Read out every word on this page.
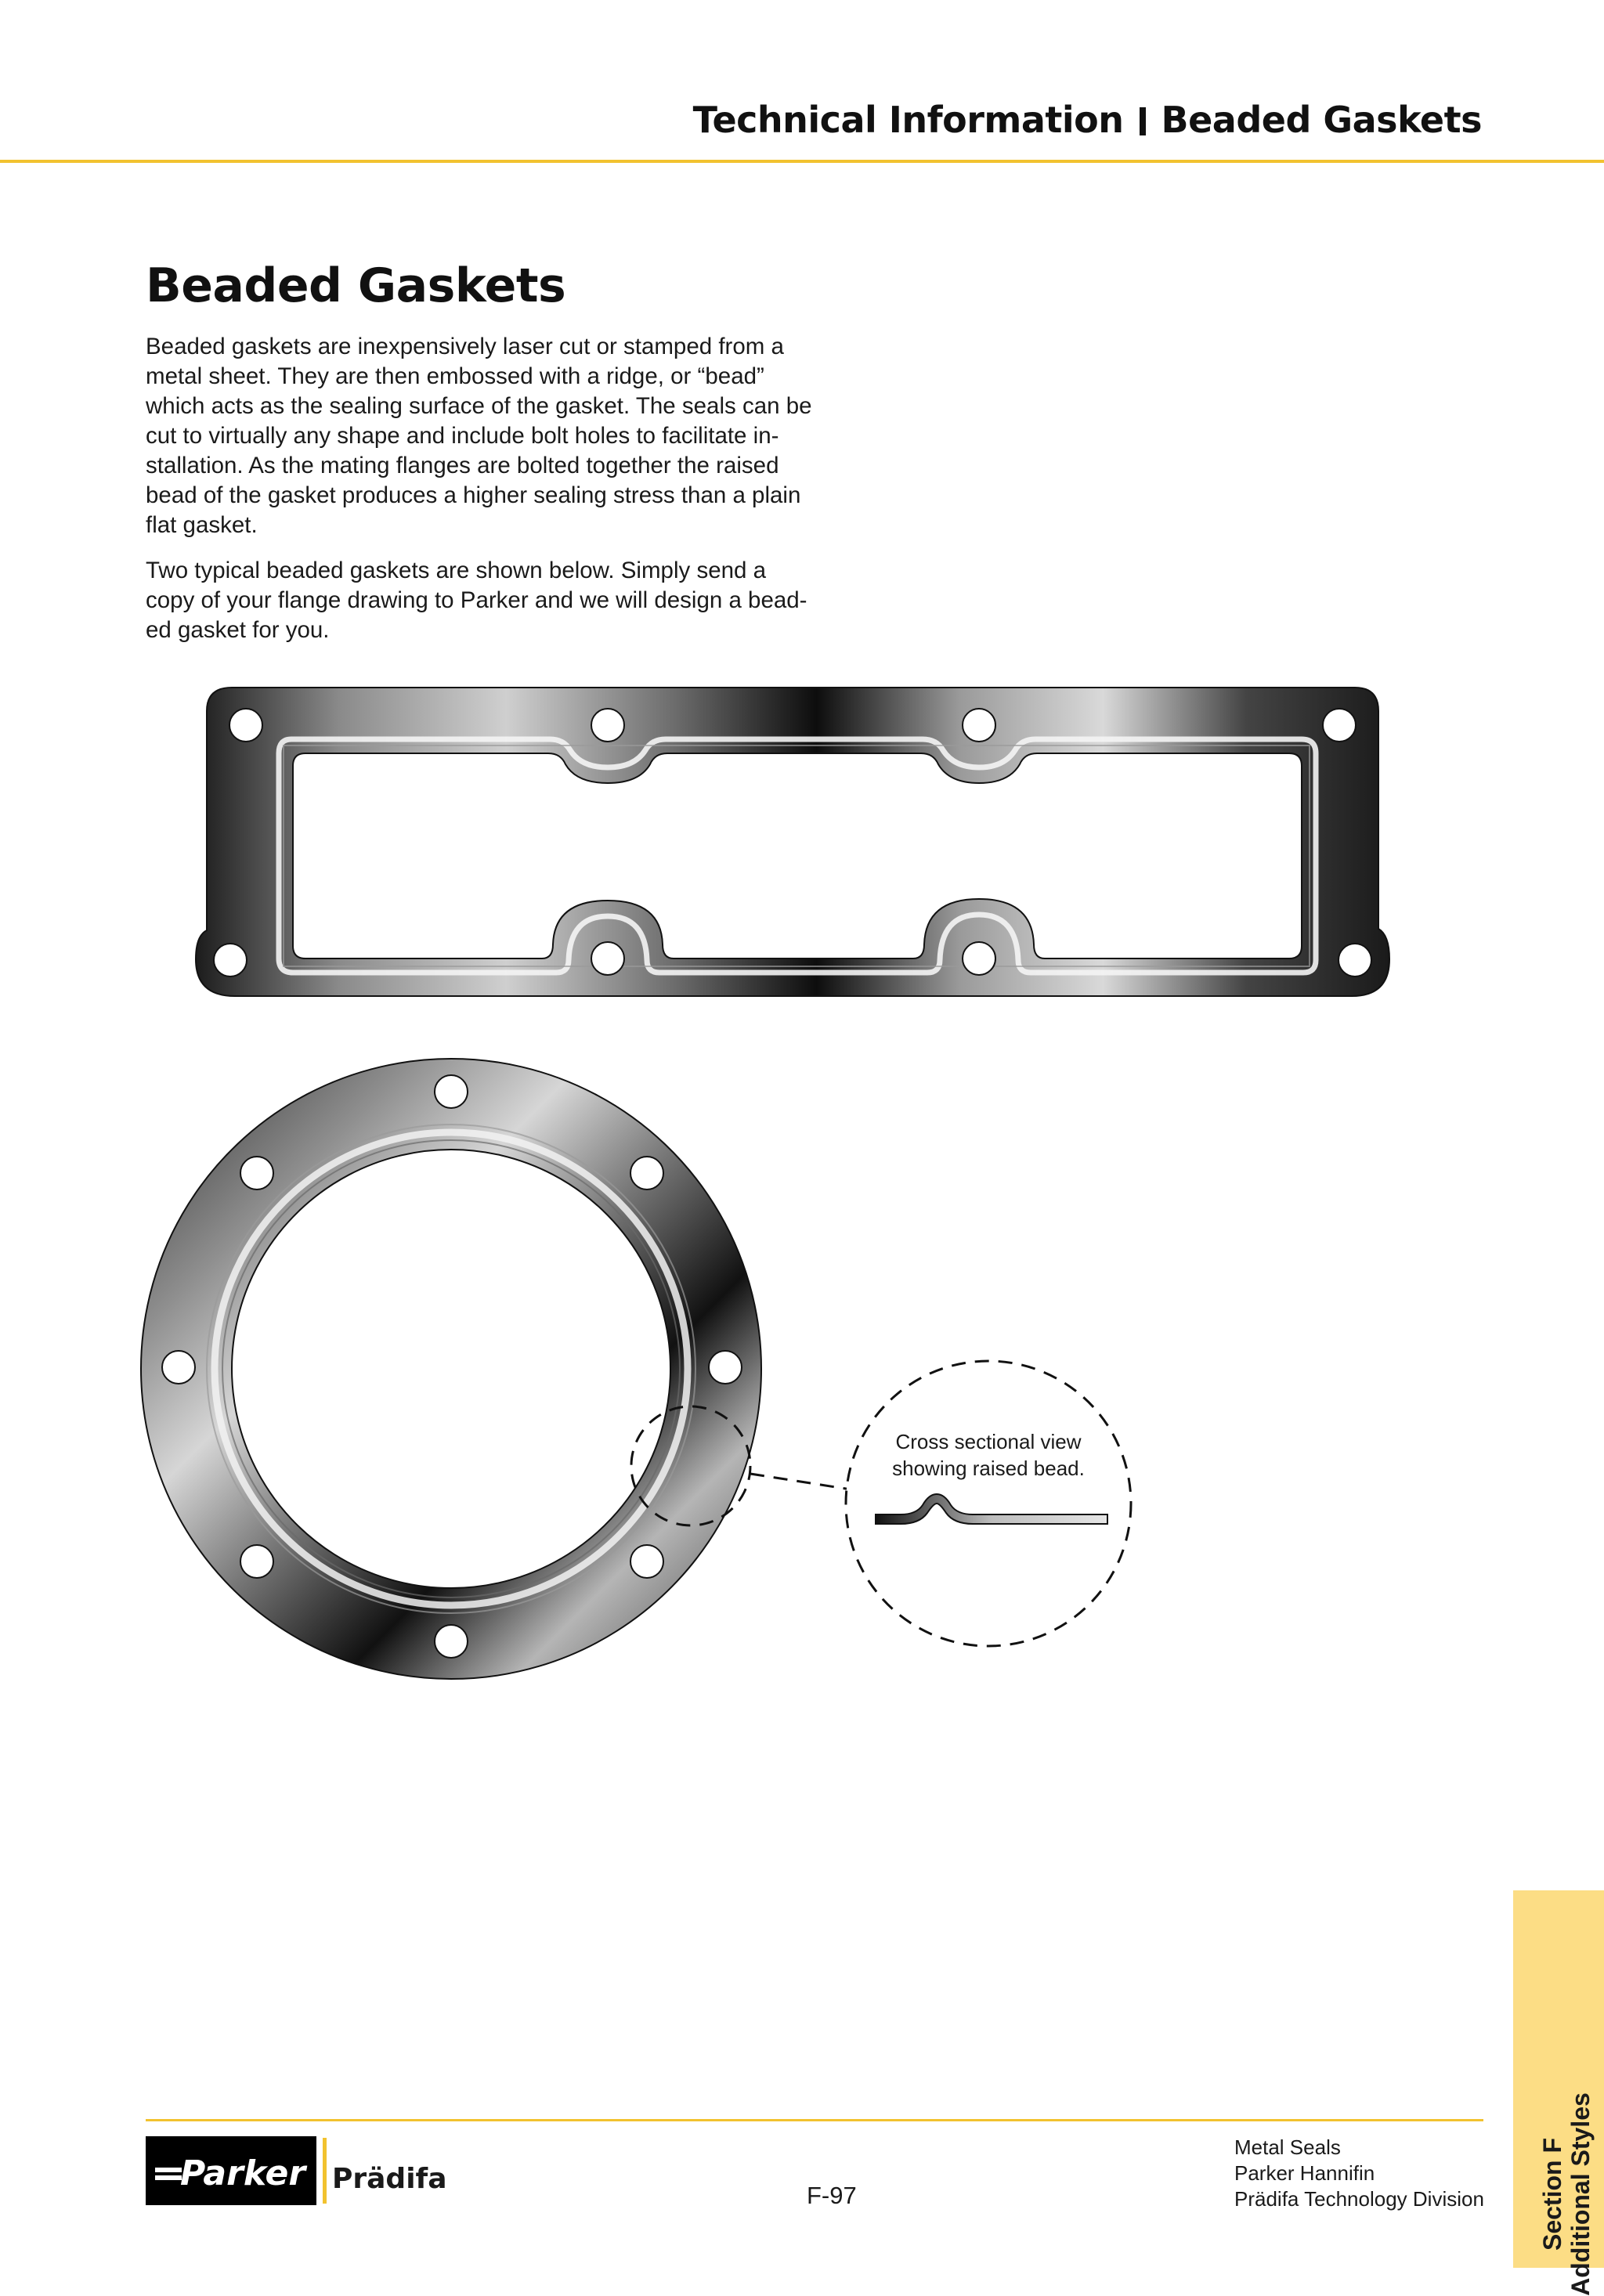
Technical Information Beaded Gaskets
Beaded Gaskets

Beaded gaskets are inexpensively laser cut or stamped from a
metal sheet. They are then embossed with a ridge, or “bead”
which acts as the sealing surface of the gasket. The seals can be
cut to virtually any shape and include bolt holes to facilitate in-
stallation. As the mating flanges are bolted together the raised
bead of the gasket produces a higher sealing stress than a plain
flat gasket.

Two typical beaded gaskets are shown below. Simply send a
copy of your flange drawing to Parker and we will design a bead-
ed gasket for you.

Cross sectional view
showing raised bead.
Parker Prädifa
F-97
Metal Seals
Parker Hannifin
Prädifa Technology Division Section F Additional Styles
